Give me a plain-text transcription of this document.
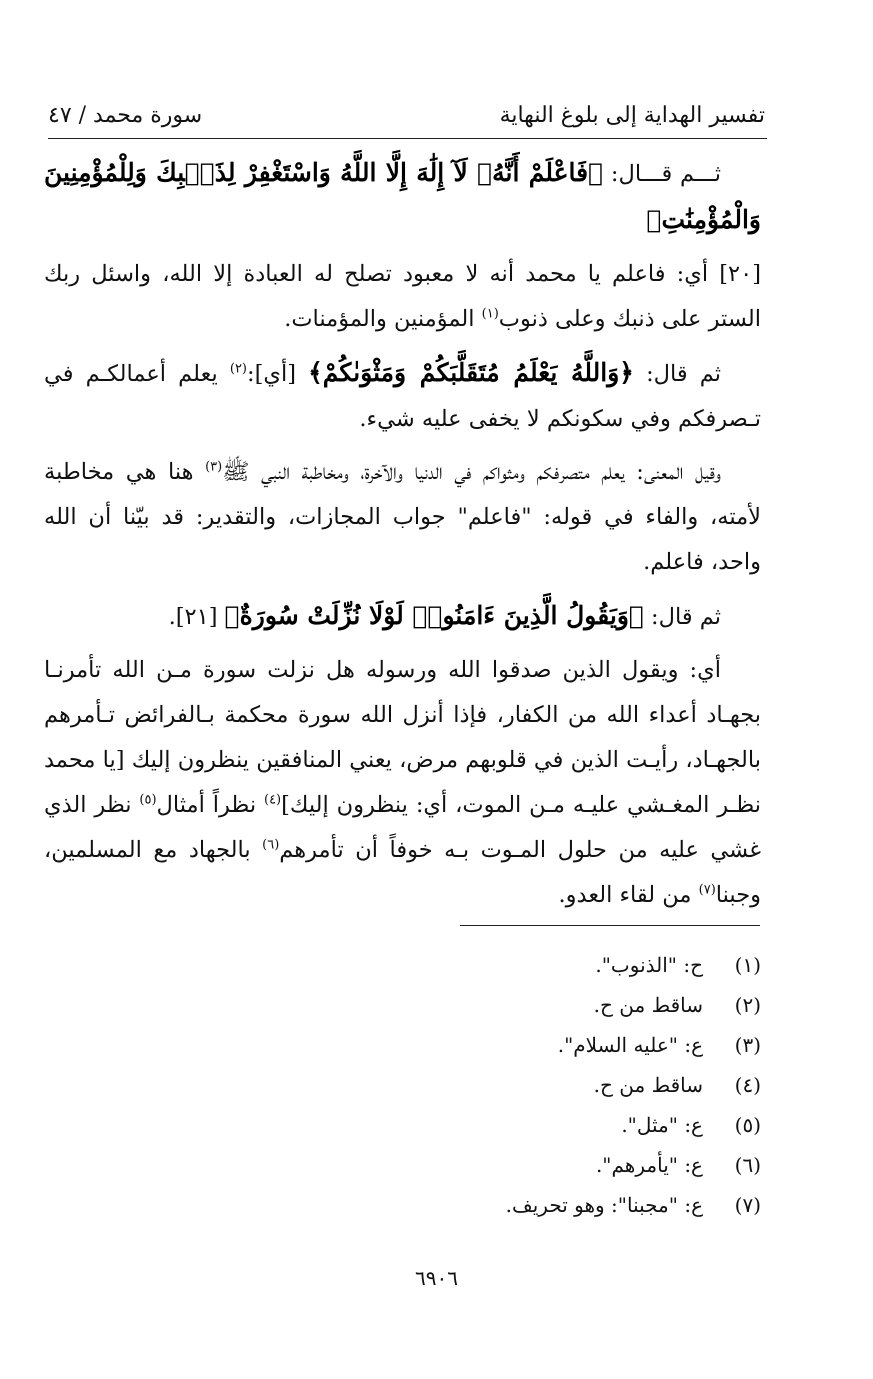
تفسير الهداية إلى بلوغ النهاية
سورة محمد / ٤٧

ثـــم قـــال: ﴿فَاعْلَمْ أَنَّهُۥ لَآ إِلَٰهَ إِلَّا اللَّهُ وَاسْتَغْفِرْ لِذَنۢبِكَ وَلِلْمُؤْمِنِينَ وَالْمُؤْمِنَٰتِ﴾

[٢٠] أي: فاعلم يا محمد أنه لا معبود تصلح له العبادة إلا الله، واسئل ربك الستر على ذنبك وعلى ذنوب$^{(١)}$ المؤمنين والمؤمنات.

ثم قال: ﴿وَاللَّهُ يَعْلَمُ مُتَقَلَّبَكُمْ وَمَثْوَىٰكُمْ﴾ [أي]:$^{(٢)}$ يعلم أعمالكـم في تـصرفكم وفي سكونكم لا يخفى عليه شيء.

وقيل المعنى: يعلم متصرفكم ومثواكم في الدنيا والآخرة، ومخاطبة النبي ﷺ$^{(٣)}$ هنا هي مخاطبة لأمته، والفاء في قوله: "فاعلم" جواب المجازات، والتقدير: قد بيّنا أن الله واحد، فاعلم.

ثم قال: ﴿وَيَقُولُ الَّذِينَ ءَامَنُوا۟ لَوْلَا نُزِّلَتْ سُورَةٌ﴾ [٢١].

أي: ويقول الذين صدقوا الله ورسوله هل نزلت سورة مـن الله تأمرنـا بجهـاد أعداء الله من الكفار، فإذا أنزل الله سورة محكمة بـالفرائض تـأمرهم بالجهـاد، رأيـت الذين في قلوبهم مرض، يعني المنافقين ينظرون إليك [يا محمد نظـر المغـشي عليـه مـن الموت، أي: ينظرون إليك]$^{(٤)}$ نظراً أمثال$^{(٥)}$ نظر الذي غشي عليه من حلول المـوت بـه خوفاً أن تأمرهم$^{(٦)}$ بالجهاد مع المسلمين، وجبنا$^{(٧)}$ من لقاء العدو.

(١)
ح: "الذنوب".
(٢)
ساقط من ح.
(٣)
ع: "عليه السلام".
(٤)
ساقط من ح.
(٥)
ع: "مثل".
(٦)
ع: "يأمرهم".
(٧)
ع: "مجبنا": وهو تحريف.
٦٩٠٦
